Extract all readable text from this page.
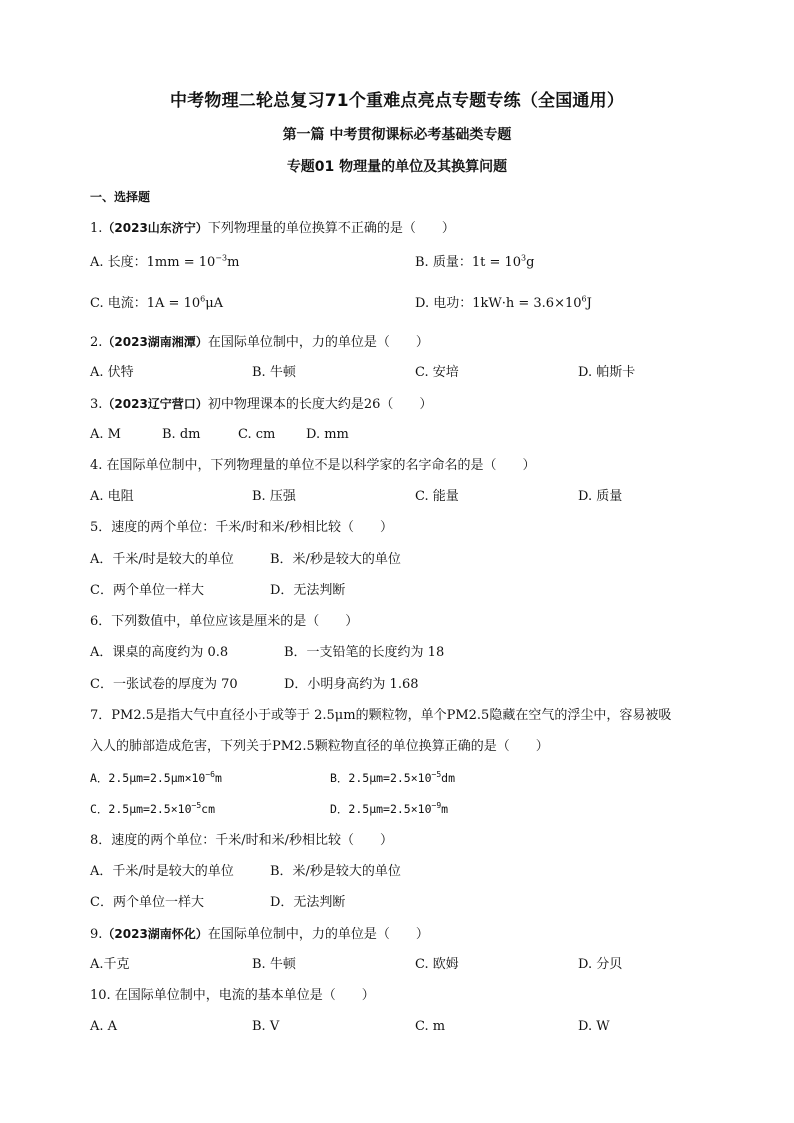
中考物理二轮总复习71个重难点亮点专题专练（全国通用）
第一篇 中考贯彻课标必考基础类专题
专题01 物理量的单位及其换算问题
一、选择题
1.（2023山东济宁）下列物理量的单位换算不正确的是（　　）
A. 长度：$1mm = 10^{-3}m$	B. 质量：$1t = 10^3g$
C. 电流：$1A = 10^6\mu A$	D. 电功：$1kW\cdot h = 3.6\times 10^6J$
2.（2023湖南湘潭）在国际单位制中，力的单位是（　　）
A. 伏特	B. 牛顿	C. 安培	D. 帕斯卡
3.（2023辽宁营口）初中物理课本的长度大约是26（　　）
A. M	B. dm	C. cm D. mm
4. 在国际单位制中，下列物理量的单位不是以科学家的名字命名的是（　　）
A. 电阻	B. 压强	C. 能量	D. 质量
5．速度的两个单位：千米/时和米/秒相比较（　　）
A．千米/时是较大的单位	B．米/秒是较大的单位
C．两个单位一样大	D．无法判断
6．下列数值中，单位应该是厘米的是（　　）
A．课桌的高度约为 0.8	B．一支铅笔的长度约为 18
C．一张试卷的厚度为 70	D．小明身高约为 1.68
7．PM2.5是指大气中直径小于或等于 2.5μm的颗粒物，单个PM2.5隐藏在空气的浮尘中，容易被吸
入人的肺部造成危害，下列关于PM2.5颗粒物直径的单位换算正确的是（　　）
A．$2.5\mu m=2.5\mu m\times 10^{-6}m$	B．$2.5\mu m=2.5\times 10^{-5}dm$
C．$2.5\mu m=2.5\times 10^{-5}cm$	D．$2.5\mu m=2.5\times 10^{-9}m$
8．速度的两个单位：千米/时和米/秒相比较（　　）
A．千米/时是较大的单位	B．米/秒是较大的单位
C．两个单位一样大	D．无法判断
9.（2023湖南怀化）在国际单位制中，力的单位是（　　）
A.千克	B. 牛顿	C. 欧姆	D. 分贝
10. 在国际单位制中，电流的基本单位是（　　）
A. A	B. V	C. m	D. W
